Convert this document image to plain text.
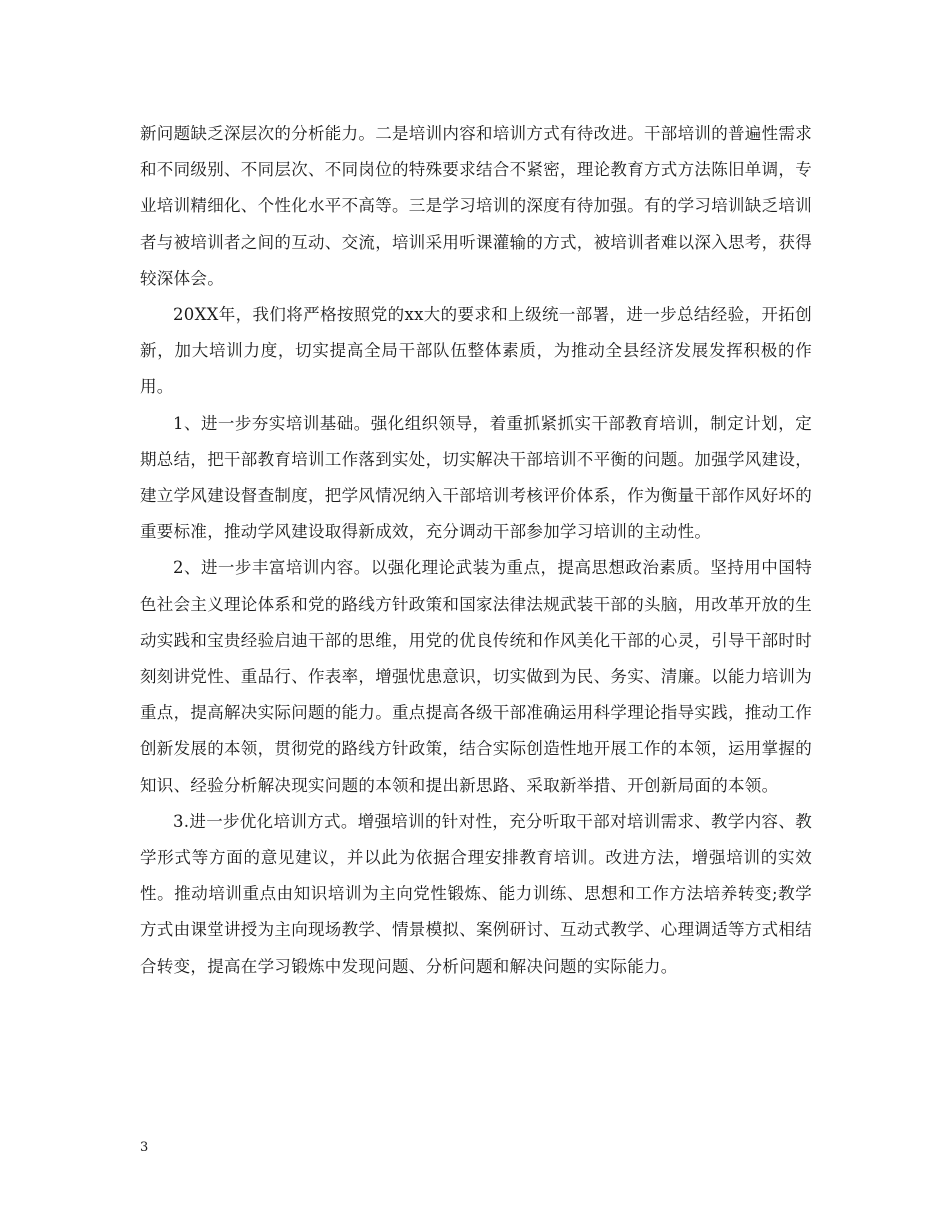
新问题缺乏深层次的分析能力。二是培训内容和培训方式有待改进。干部培训的普遍性需求和不同级别、不同层次、不同岗位的特殊要求结合不紧密，理论教育方式方法陈旧单调，专业培训精细化、个性化水平不高等。三是学习培训的深度有待加强。有的学习培训缺乏培训者与被培训者之间的互动、交流，培训采用听课灌输的方式，被培训者难以深入思考，获得较深体会。

20XX年，我们将严格按照党的xx大的要求和上级统一部署，进一步总结经验，开拓创新，加大培训力度，切实提高全局干部队伍整体素质，为推动全县经济发展发挥积极的作用。

1、进一步夯实培训基础。强化组织领导，着重抓紧抓实干部教育培训，制定计划，定期总结，把干部教育培训工作落到实处，切实解决干部培训不平衡的问题。加强学风建设，建立学风建设督查制度，把学风情况纳入干部培训考核评价体系，作为衡量干部作风好坏的重要标准，推动学风建设取得新成效，充分调动干部参加学习培训的主动性。

2、进一步丰富培训内容。以强化理论武装为重点，提高思想政治素质。坚持用中国特色社会主义理论体系和党的路线方针政策和国家法律法规武装干部的头脑，用改革开放的生动实践和宝贵经验启迪干部的思维，用党的优良传统和作风美化干部的心灵，引导干部时时刻刻讲党性、重品行、作表率，增强忧患意识，切实做到为民、务实、清廉。以能力培训为重点，提高解决实际问题的能力。重点提高各级干部准确运用科学理论指导实践，推动工作创新发展的本领，贯彻党的路线方针政策，结合实际创造性地开展工作的本领，运用掌握的知识、经验分析解决现实问题的本领和提出新思路、采取新举措、开创新局面的本领。

3.进一步优化培训方式。增强培训的针对性，充分听取干部对培训需求、教学内容、教学形式等方面的意见建议，并以此为依据合理安排教育培训。改进方法，增强培训的实效性。推动培训重点由知识培训为主向党性锻炼、能力训练、思想和工作方法培养转变;教学方式由课堂讲授为主向现场教学、情景模拟、案例研讨、互动式教学、心理调适等方式相结合转变，提高在学习锻炼中发现问题、分析问题和解决问题的实际能力。

3
